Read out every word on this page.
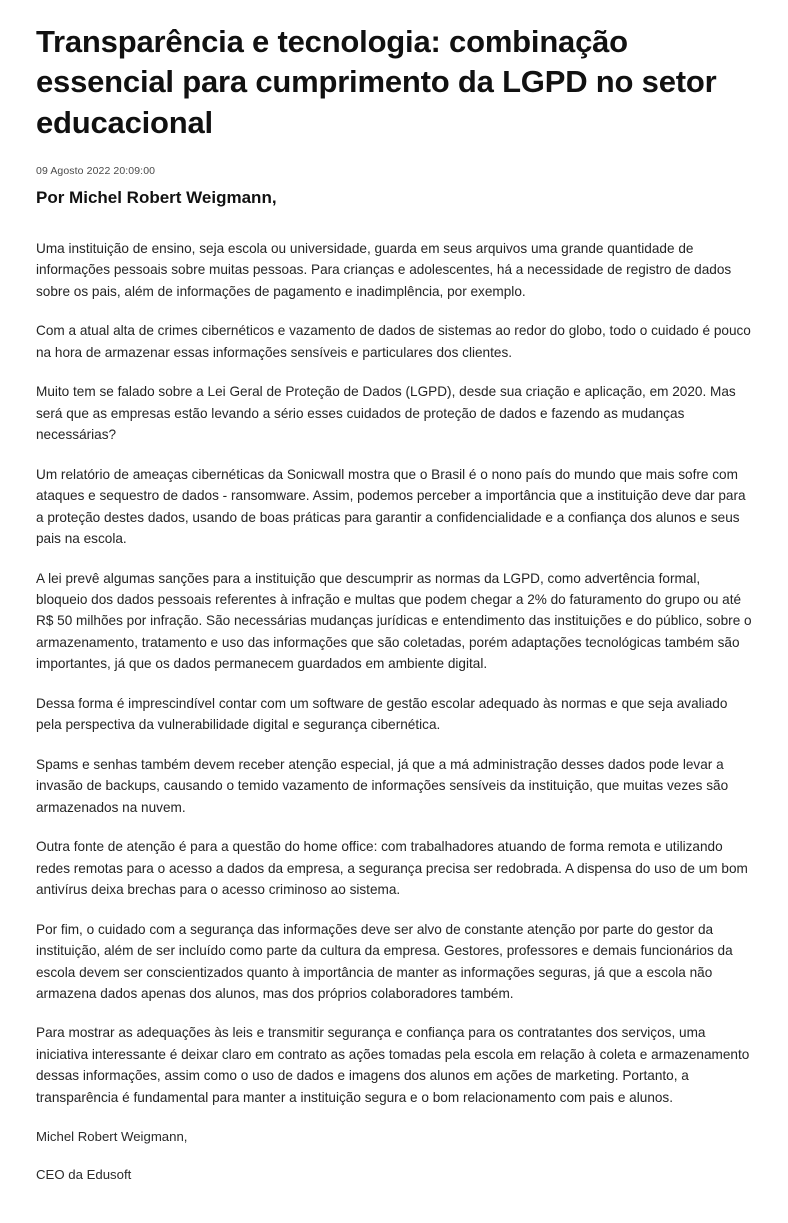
Transparência e tecnologia: combinação essencial para cumprimento da LGPD no setor educacional
09 Agosto 2022 20:09:00
Por Michel Robert Weigmann,

Uma instituição de ensino, seja escola ou universidade, guarda em seus arquivos uma grande quantidade de informações pessoais sobre muitas pessoas. Para crianças e adolescentes, há a necessidade de registro de dados sobre os pais, além de informações de pagamento e inadimplência, por exemplo.

Com a atual alta de crimes cibernéticos e vazamento de dados de sistemas ao redor do globo, todo o cuidado é pouco na hora de armazenar essas informações sensíveis e particulares dos clientes.

Muito tem se falado sobre a Lei Geral de Proteção de Dados (LGPD), desde sua criação e aplicação, em 2020. Mas será que as empresas estão levando a sério esses cuidados de proteção de dados e fazendo as mudanças necessárias?

Um relatório de ameaças cibernéticas da Sonicwall mostra que o Brasil é o nono país do mundo que mais sofre com ataques e sequestro de dados - ransomware. Assim, podemos perceber a importância que a instituição deve dar para a proteção destes dados, usando de boas práticas para garantir a confidencialidade e a confiança dos alunos e seus pais na escola.

A lei prevê algumas sanções para a instituição que descumprir as normas da LGPD, como advertência formal, bloqueio dos dados pessoais referentes à infração e multas que podem chegar a 2% do faturamento do grupo ou até R$ 50 milhões por infração. São necessárias mudanças jurídicas e entendimento das instituições e do público, sobre o armazenamento, tratamento e uso das informações que são coletadas, porém adaptações tecnológicas também são importantes, já que os dados permanecem guardados em ambiente digital.

Dessa forma é imprescindível contar com um software de gestão escolar adequado às normas e que seja avaliado pela perspectiva da vulnerabilidade digital e segurança cibernética.

Spams e senhas também devem receber atenção especial, já que a má administração desses dados pode levar a invasão de backups, causando o temido vazamento de informações sensíveis da instituição, que muitas vezes são armazenados na nuvem.

Outra fonte de atenção é para a questão do home office: com trabalhadores atuando de forma remota e utilizando redes remotas para o acesso a dados da empresa, a segurança precisa ser redobrada. A dispensa do uso de um bom antivírus deixa brechas para o acesso criminoso ao sistema.

Por fim, o cuidado com a segurança das informações deve ser alvo de constante atenção por parte do gestor da instituição, além de ser incluído como parte da cultura da empresa. Gestores, professores e demais funcionários da escola devem ser conscientizados quanto à importância de manter as informações seguras, já que a escola não armazena dados apenas dos alunos, mas dos próprios colaboradores também.

Para mostrar as adequações às leis e transmitir segurança e confiança para os contratantes dos serviços, uma iniciativa interessante é deixar claro em contrato as ações tomadas pela escola em relação à coleta e armazenamento dessas informações, assim como o uso de dados e imagens dos alunos em ações de marketing. Portanto, a transparência é fundamental para manter a instituição segura e o bom relacionamento com pais e alunos.

Michel Robert Weigmann,

CEO da Edusoft
